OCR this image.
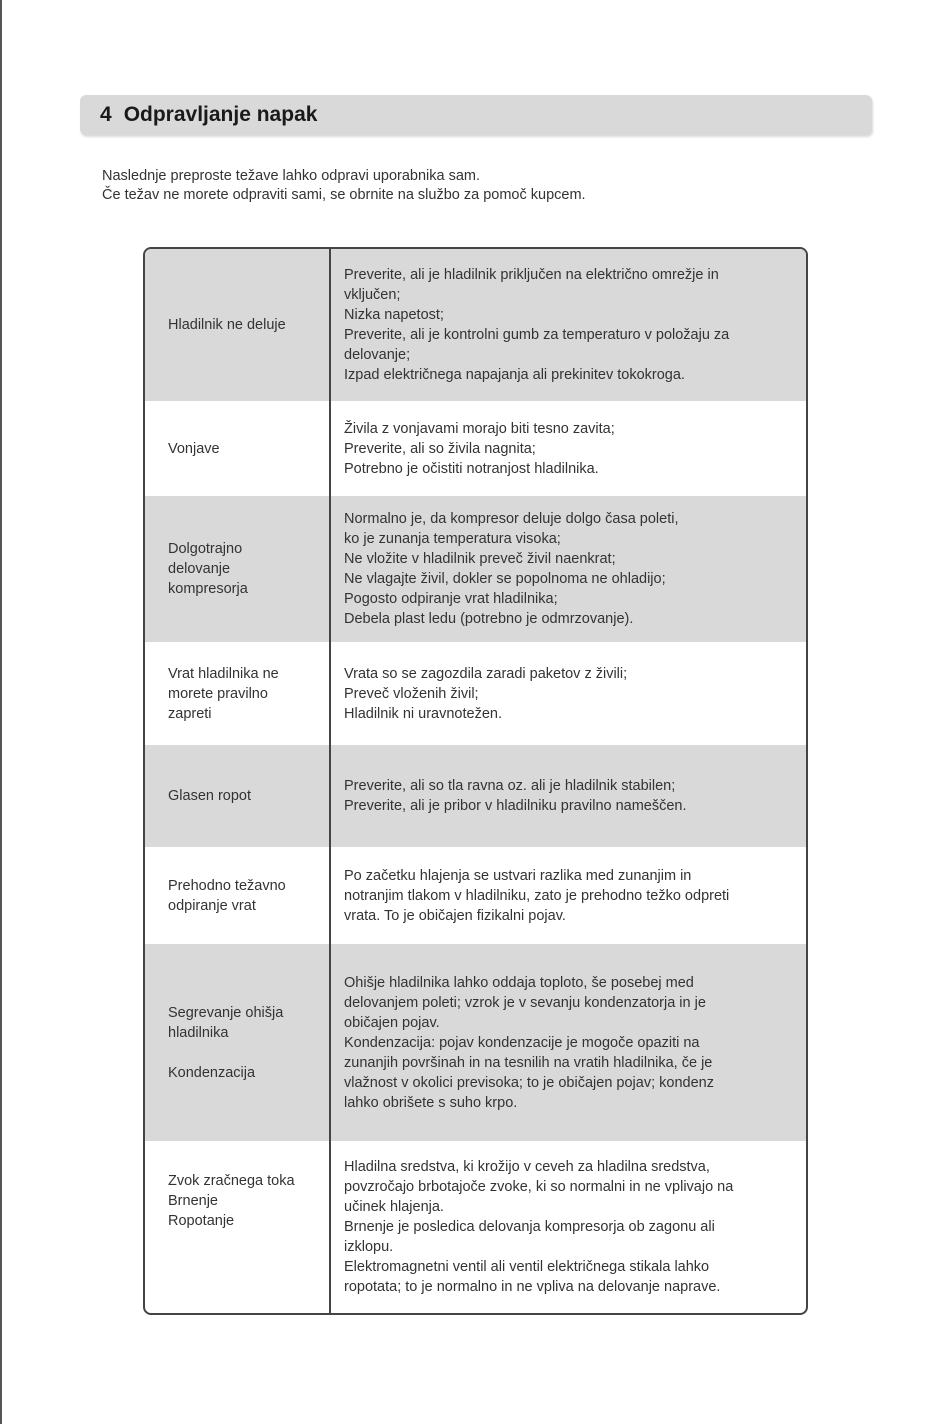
4 Odpravljanje napak

Naslednje preproste težave lahko odpravi uporabnika sam.

Če težav ne morete odpraviti sami, se obrnite na službo za pomoč kupcem.

Hladilnik ne deluje
Preverite, ali je hladilnik priključen na električno omrežje in
vključen;
Nizka napetost;
Preverite, ali je kontrolni gumb za temperaturo v položaju za
delovanje;
Izpad električnega napajanja ali prekinitev tokokroga.
Vonjave
Živila z vonjavami morajo biti tesno zavita;
Preverite, ali so živila nagnita;
Potrebno je očistiti notranjost hladilnika.
Dolgotrajno
delovanje
kompresorja
Normalno je, da kompresor deluje dolgo časa poleti,
ko je zunanja temperatura visoka;
Ne vložite v hladilnik preveč živil naenkrat;
Ne vlagajte živil, dokler se popolnoma ne ohladijo;
Pogosto odpiranje vrat hladilnika;
Debela plast ledu (potrebno je odmrzovanje).
Vrat hladilnika ne
morete pravilno
zapreti
Vrata so se zagozdila zaradi paketov z živili;
Preveč vloženih živil;
Hladilnik ni uravnotežen.
Glasen ropot
Preverite, ali so tla ravna oz. ali je hladilnik stabilen;
Preverite, ali je pribor v hladilniku pravilno nameščen.
Prehodno težavno
odpiranje vrat
Po začetku hlajenja se ustvari razlika med zunanjim in
notranjim tlakom v hladilniku, zato je prehodno težko odpreti
vrata. To je običajen fizikalni pojav.
Segrevanje ohišja
hladilnika

Kondenzacija
Ohišje hladilnika lahko oddaja toploto, še posebej med
delovanjem poleti; vzrok je v sevanju kondenzatorja in je
običajen pojav.
Kondenzacija: pojav kondenzacije je mogoče opaziti na
zunanjih površinah in na tesnilih na vratih hladilnika, če je
vlažnost v okolici previsoka; to je običajen pojav; kondenz
lahko obrišete s suho krpo.
Zvok zračnega toka
Brnenje
Ropotanje
Hladilna sredstva, ki krožijo v ceveh za hladilna sredstva,
povzročajo brbotajoče zvoke, ki so normalni in ne vplivajo na
učinek hlajenja.
Brnenje je posledica delovanja kompresorja ob zagonu ali
izklopu.
Elektromagnetni ventil ali ventil električnega stikala lahko
ropotata; to je normalno in ne vpliva na delovanje naprave.
